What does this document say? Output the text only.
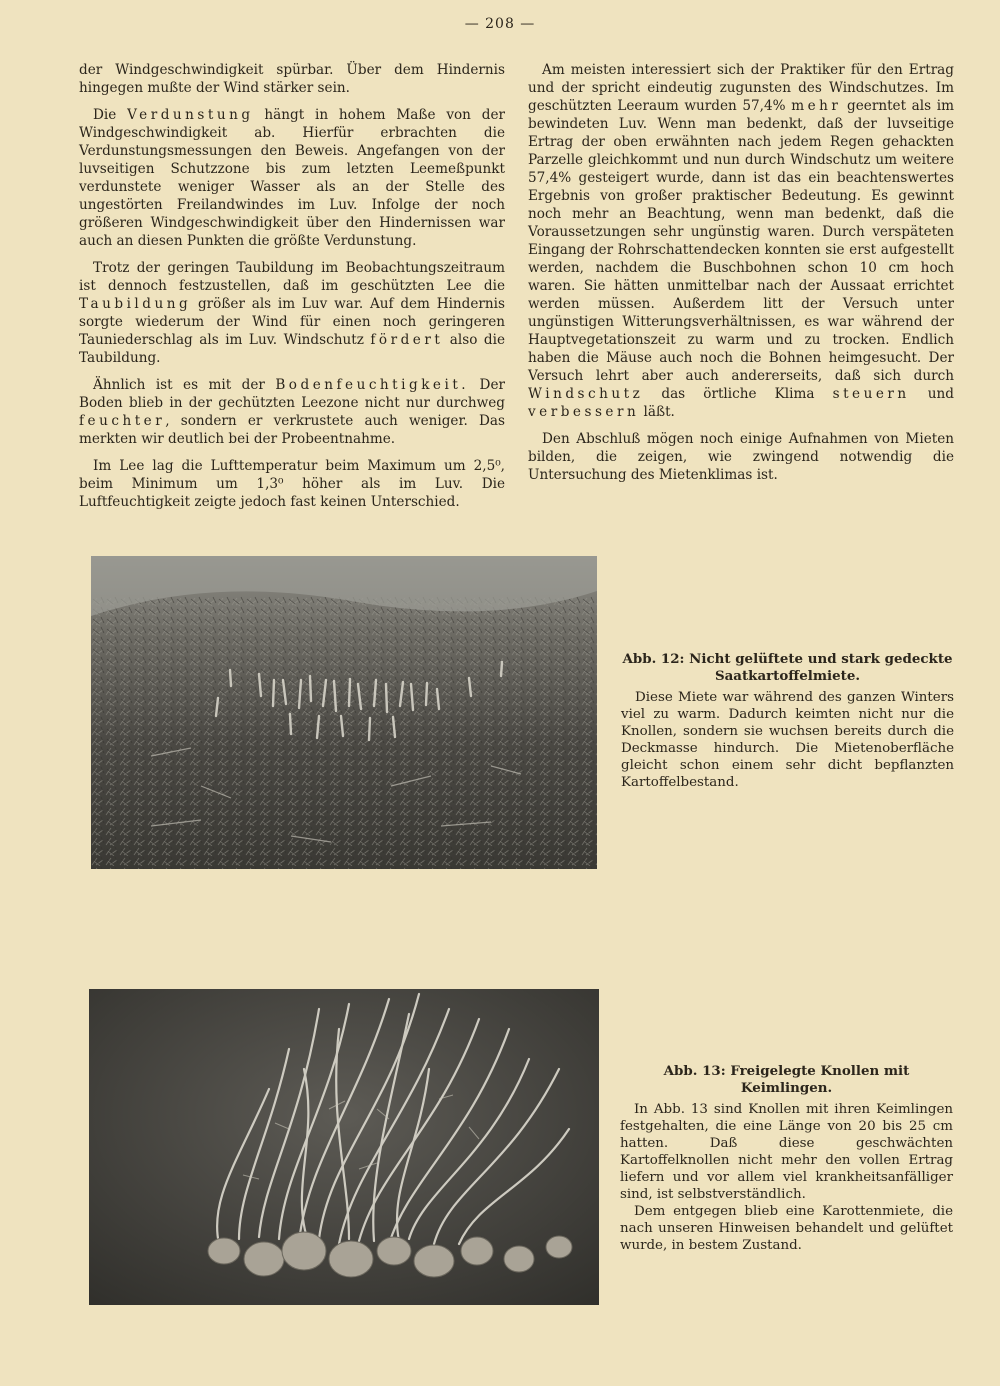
— 208 —

der Windgeschwindigkeit spürbar. Über dem Hindernis hingegen mußte der Wind stärker sein.

Die Verdunstung hängt in hohem Maße von der Windgeschwindigkeit ab. Hierfür erbrachten die Verdunstungsmessungen den Beweis. Angefangen von der luvseitigen Schutzzone bis zum letzten Leemeßpunkt verdunstete weniger Wasser als an der Stelle des ungestörten Freilandwindes im Luv. Infolge der noch größeren Windgeschwindigkeit über den Hindernissen war auch an diesen Punkten die größte Verdunstung.

Trotz der geringen Taubildung im Beobachtungszeitraum ist dennoch festzustellen, daß im geschützten Lee die Taubildung größer als im Luv war. Auf dem Hindernis sorgte wiederum der Wind für einen noch geringeren Tauniederschlag als im Luv. Windschutz fördert also die Taubildung.

Ähnlich ist es mit der Bodenfeuchtigkeit. Der Boden blieb in der gechützten Leezone nicht nur durchweg feuchter, sondern er verkrustete auch weniger. Das merkten wir deutlich bei der Probeentnahme.

Im Lee lag die Lufttemperatur beim Maximum um 2,5⁰, beim Minimum um 1,3⁰ höher als im Luv. Die Luftfeuchtigkeit zeigte jedoch fast keinen Unterschied.

Am meisten interessiert sich der Praktiker für den Ertrag und der spricht eindeutig zugunsten des Windschutzes. Im geschützten Leeraum wurden 57,4% mehr geerntet als im bewindeten Luv. Wenn man bedenkt, daß der luvseitige Ertrag der oben erwähnten nach jedem Regen gehackten Parzelle gleichkommt und nun durch Windschutz um weitere 57,4% gesteigert wurde, dann ist das ein beachtenswertes Ergebnis von großer praktischer Bedeutung. Es gewinnt noch mehr an Beachtung, wenn man bedenkt, daß die Voraussetzungen sehr ungünstig waren. Durch verspäteten Eingang der Rohrschattendecken konnten sie erst aufgestellt werden, nachdem die Buschbohnen schon 10 cm hoch waren. Sie hätten unmittelbar nach der Aussaat errichtet werden müssen. Außerdem litt der Versuch unter ungünstigen Witterungsverhältnissen, es war während der Hauptvegetationszeit zu warm und zu trocken. Endlich haben die Mäuse auch noch die Bohnen heimgesucht. Der Versuch lehrt aber auch andererseits, daß sich durch Windschutz das örtliche Klima steuern und verbessern läßt.

Den Abschluß mögen noch einige Aufnahmen von Mieten bilden, die zeigen, wie zwingend notwendig die Untersuchung des Mietenklimas ist.

Abb. 12: Nicht gelüftete und stark gedeckte Saatkartoffelmiete.

Diese Miete war während des ganzen Winters viel zu warm. Dadurch keimten nicht nur die Knollen, sondern sie wuchsen bereits durch die Deckmasse hindurch. Die Mietenoberfläche gleicht schon einem sehr dicht bepflanzten Kartoffelbestand.

Abb. 13: Freigelegte Knollen mit Keimlingen.

In Abb. 13 sind Knollen mit ihren Keimlingen festgehalten, die eine Länge von 20 bis 25 cm hatten. Daß diese geschwächten Kartoffelknollen nicht mehr den vollen Ertrag liefern und vor allem viel krankheitsanfälliger sind, ist selbstverständlich.

Dem entgegen blieb eine Karottenmiete, die nach unseren Hinweisen behandelt und gelüftet wurde, in bestem Zustand.
